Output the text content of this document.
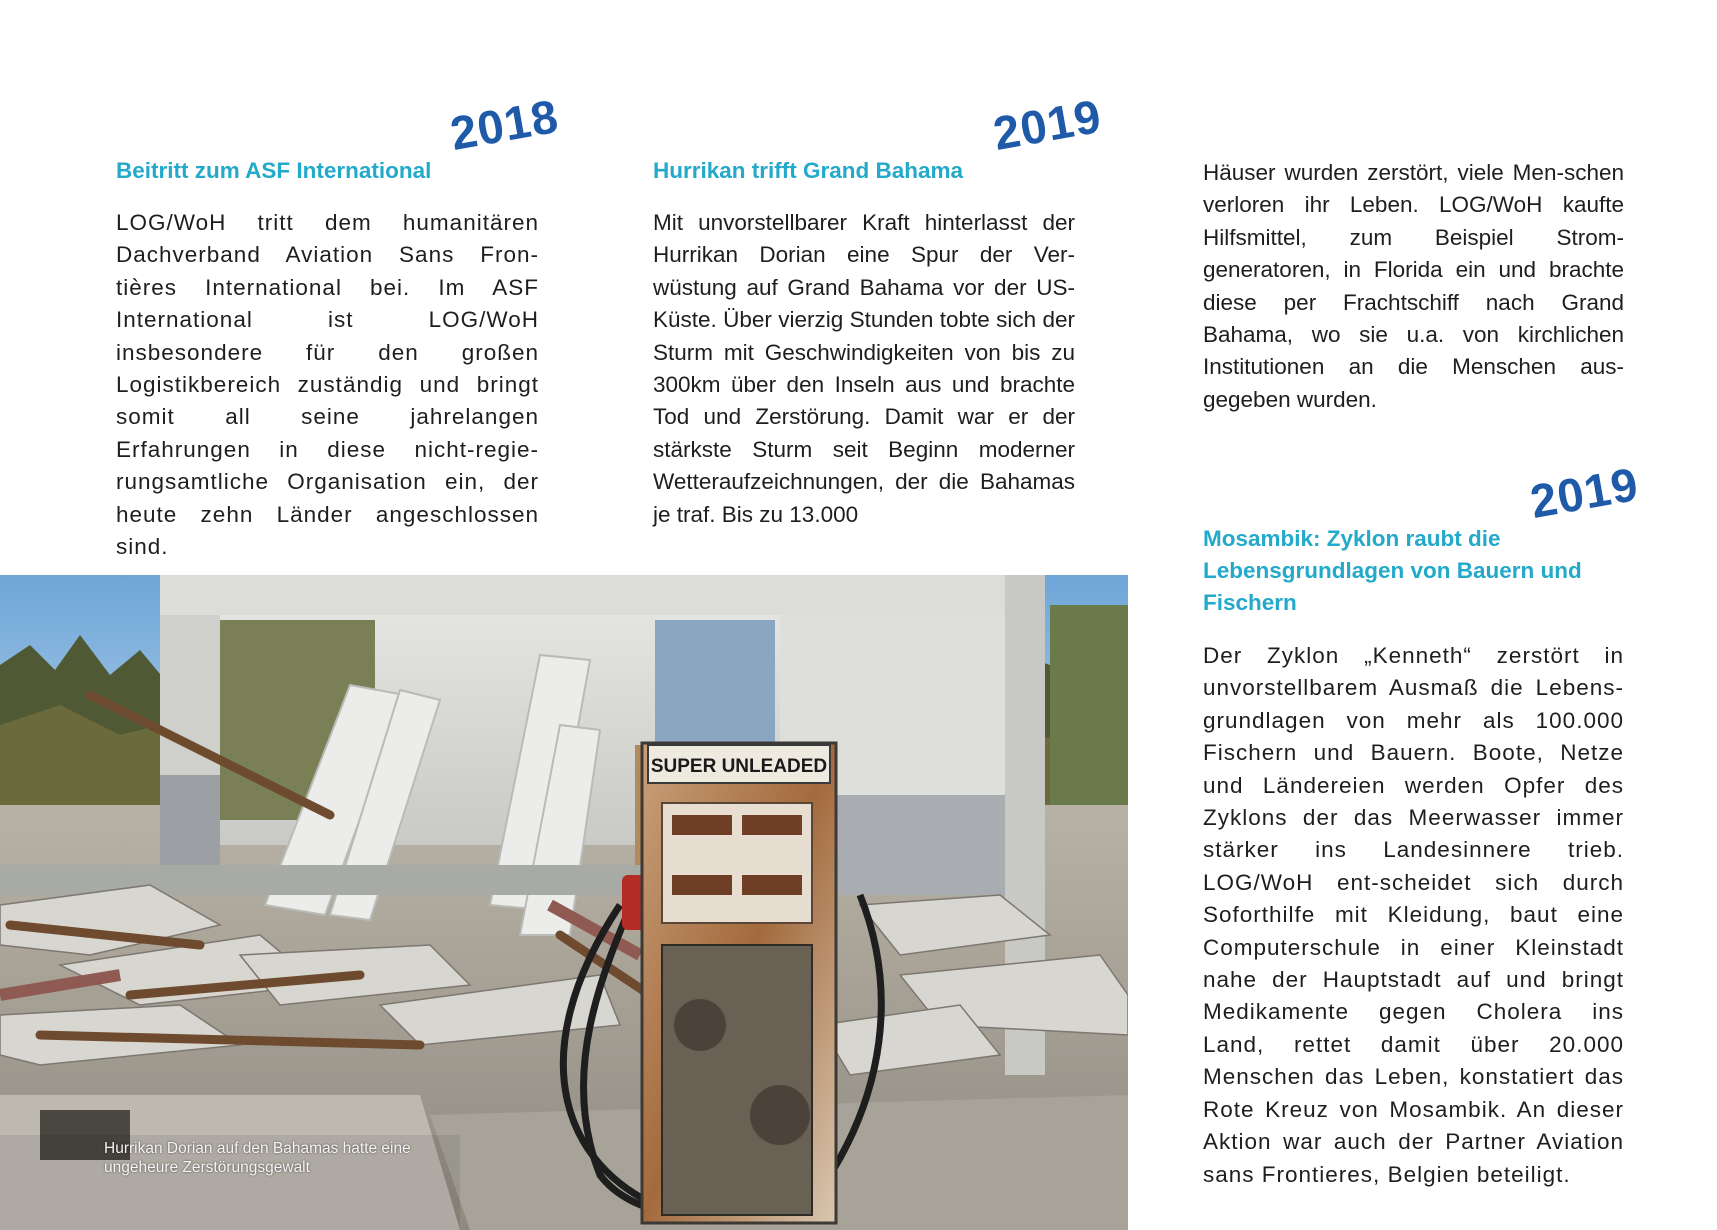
2018
Beitritt zum ASF International

LOG/WoH tritt dem humanitären Dachverband Aviation Sans Fron-tières International bei. Im ASF International ist LOG/WoH insbesondere für den großen Logistikbereich zuständig und bringt somit all seine jahrelangen Erfahrungen in diese nicht-regie-rungsamtliche Organisation ein, der heute zehn Länder angeschlossen sind.

2019
Hurrikan trifft Grand Bahama

Mit unvorstellbarer Kraft hinterlasst der Hurrikan Dorian eine Spur der Ver-wüstung auf Grand Bahama vor der US-Küste. Über vierzig Stunden tobte sich der Sturm mit Geschwindigkeiten von bis zu 300km über den Inseln aus und brachte Tod und Zerstörung. Damit war er der stärkste Sturm seit Beginn moderner Wetteraufzeichnungen, der die Bahamas je traf. Bis zu 13.000

Häuser wurden zerstört, viele Men-schen verloren ihr Leben. LOG/WoH kaufte Hilfsmittel, zum Beispiel Strom-generatoren, in Florida ein und brachte diese per Frachtschiff nach Grand Bahama, wo sie u.a. von kirchlichen Institutionen an die Menschen aus-gegeben wurden.

2019
Mosambik: Zyklon raubt die Lebensgrundlagen von Bauern und Fischern

Der Zyklon „Kenneth“ zerstört in unvorstellbarem Ausmaß die Lebens-grundlagen von mehr als 100.000 Fischern und Bauern. Boote, Netze und Ländereien werden Opfer des Zyklons der das Meerwasser immer stärker ins Landesinnere trieb. LOG/WoH ent-scheidet sich durch Soforthilfe mit Kleidung, baut eine Computerschule in einer Kleinstadt nahe der Hauptstadt auf und bringt Medikamente gegen Cholera ins Land, rettet damit über 20.000 Menschen das Leben, konstatiert das Rote Kreuz von Mosambik. An dieser Aktion war auch der Partner Aviation sans Frontieres, Belgien beteiligt.

SUPER UNLEADED
Hurrikan Dorian auf den Bahamas hatte eine ungeheure Zerstörungsgewalt
